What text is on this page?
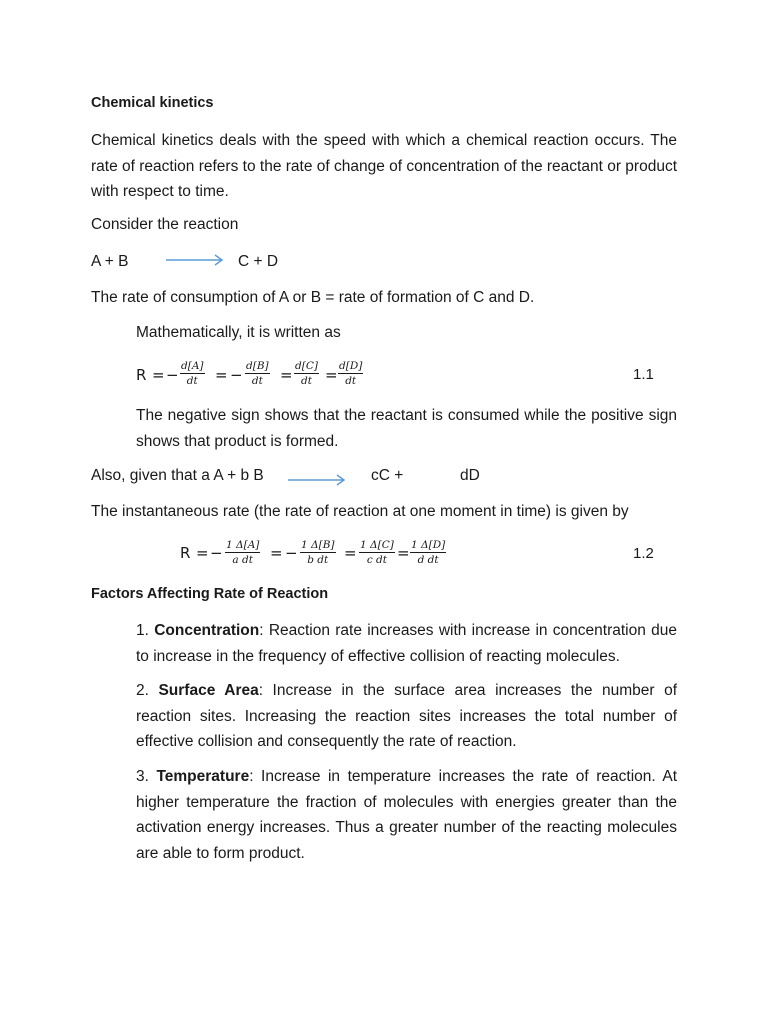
Chemical kinetics
Chemical kinetics deals with the speed with which a chemical reaction occurs. The rate of reaction refers to the rate of change of concentration of the reactant or product with respect to time.
Consider the reaction
A + B → C + D
The rate of consumption of A or B = rate of formation of C and D.
Mathematically, it is written as
R = − $\frac{d[A]}{dt}$ = − $\frac{d[B]}{dt} = \frac{d[C]}{dt} = \frac{d[D]}{dt}$	1.1
The negative sign shows that the reactant is consumed while the positive sign shows that product is formed.
Also, given that a A + b B → cC +	dD
The instantaneous rate (the rate of reaction at one moment in time) is given by
R = − $\frac{1 \Delta[A]}{\text{a dt}}$ = − $\frac{1 \Delta[B]}{\text{b dt}} = \frac{1 \Delta[C]}{\text{c dt}} = \frac{1 \Delta[D]}{\text{d dt}}$	1.2
Factors Affecting Rate of Reaction
1. Concentration: Reaction rate increases with increase in concentration due to increase in the frequency of effective collision of reacting molecules.
2. Surface Area: Increase in the surface area increases the number of reaction sites. Increasing the reaction sites increases the total number of effective collision and consequently the rate of reaction.
3. Temperature: Increase in temperature increases the rate of reaction. At higher temperature the fraction of molecules with energies greater than the activation energy increases. Thus a greater number of the reacting molecules are able to form product.
